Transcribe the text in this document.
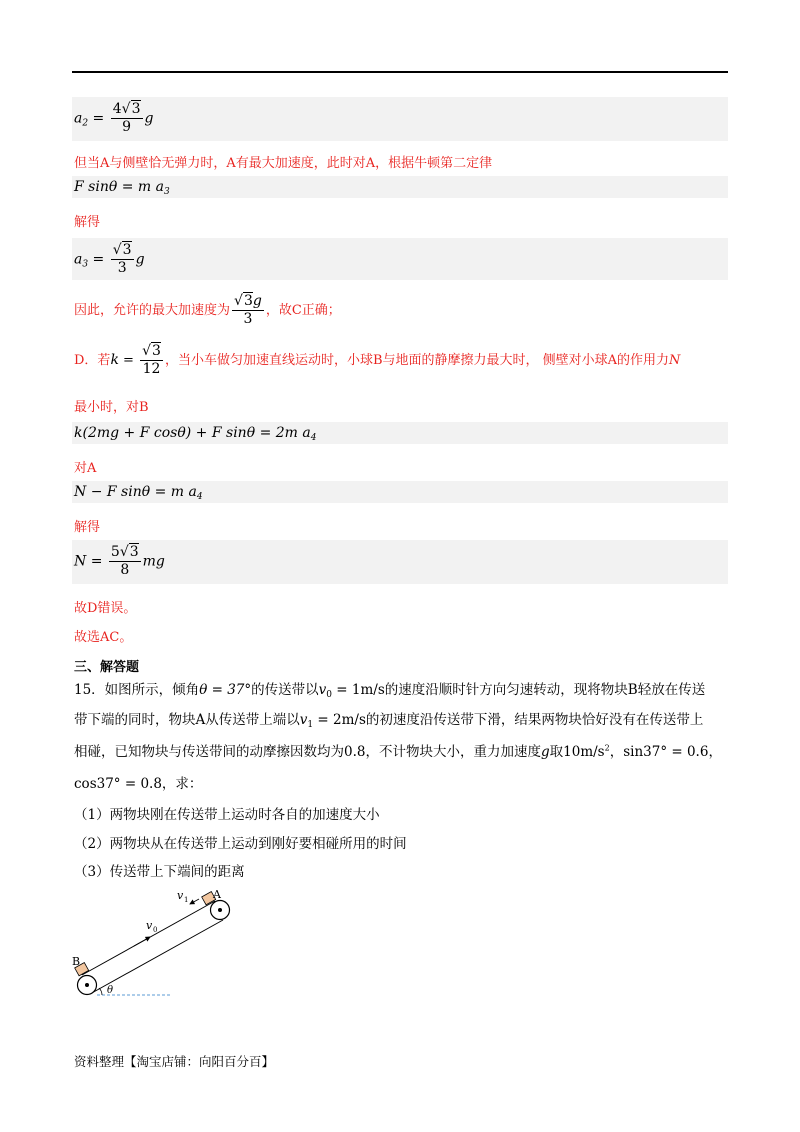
$a_2 = \frac{4√3}{9}$ g
但当A与侧壁恰无弹力时，A有最大加速度，此时对A，根据牛顿第二定律
F sinθ = m $a_3$
解得
$a_3 = \frac{√3}{3}$ g
因此，允许的最大加速度为 $\frac{√3g}{3}$ ，故C正确；
D．若$k = \frac{√3}{12}$ ，当小车做匀加速直线运动时，小球B与地面的静摩擦力最大时， 侧壁对小球A的作用力N
最小时，对B
k(2mg + F cosθ) + F sinθ = 2m $a_4$
对A
N − F sinθ = m $a_4$
解得
$N = \frac{5√3}{8}$ mg
故D错误。
故选AC。
三、解答题
15．如图所示，倾角θ = 37°的传送带以$v_0 = 1m/s$的速度沿顺时针方向匀速转动，现将物块B轻放在传送
带下端的同时，物块A从传送带上端以$v_1 = 2m/s$的初速度沿传送带下滑，结果两物块恰好没有在传送带上
相碰，已知物块与传送带间的动摩擦因数均为0.8，不计物块大小，重力加速度g取$10m/s^2$，sin37° = 0.6，
cos37° = 0.8，求：
（1）两物块刚在传送带上运动时各自的加速度大小
（2）两物块从在传送带上运动到刚好要相碰所用的时间
（3）传送带上下端间的距离
A
B
v 1
v 0
θ
资料整理【淘宝店铺：向阳百分百】
